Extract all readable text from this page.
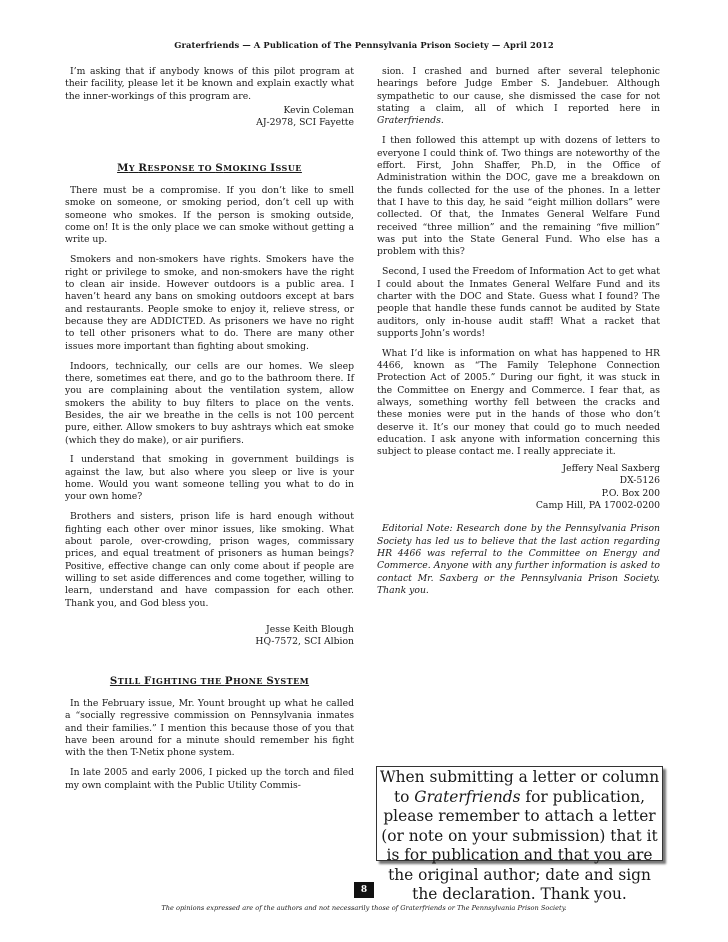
Graterfriends — A Publication of The Pennsylvania Prison Society — April 2012

I’m asking that if anybody knows of this pilot program at their facility, please let it be known and explain exactly what the inner-workings of this program are.

Kevin Coleman

AJ-2978, SCI Fayette

MY RESPONSE TO SMOKING ISSUE

There must be a compromise. If you don’t like to smell smoke on someone, or smoking period, don’t cell up with someone who smokes. If the person is smoking outside, come on! It is the only place we can smoke without getting a write up.

Smokers and non-smokers have rights. Smokers have the right or privilege to smoke, and non-smokers have the right to clean air inside. However outdoors is a public area. I haven’t heard any bans on smoking outdoors except at bars and restaurants. People smoke to enjoy it, relieve stress, or because they are ADDICTED. As prisoners we have no right to tell other prisoners what to do. There are many other issues more important than fighting about smoking.

Indoors, technically, our cells are our homes. We sleep there, sometimes eat there, and go to the bathroom there. If you are complaining about the ventilation system, allow smokers the ability to buy filters to place on the vents. Besides, the air we breathe in the cells is not 100 percent pure, either. Allow smokers to buy ashtrays which eat smoke (which they do make), or air purifiers.

I understand that smoking in government buildings is against the law, but also where you sleep or live is your home. Would you want someone telling you what to do in your own home?

Brothers and sisters, prison life is hard enough without fighting each other over minor issues, like smoking. What about parole, over-crowding, prison wages, commissary prices, and equal treatment of prisoners as human beings? Positive, effective change can only come about if people are willing to set aside differences and come together, willing to learn, understand and have compassion for each other. Thank you, and God bless you.

Jesse Keith Blough

HQ-7572, SCI Albion

STILL FIGHTING THE PHONE SYSTEM

In the February issue, Mr. Yount brought up what he called a “socially regressive commission on Pennsylvania inmates and their families.” I mention this because those of you that have been around for a minute should remember his fight with the then T-Netix phone system.

In late 2005 and early 2006, I picked up the torch and filed my own complaint with the Public Utility Commis-

sion. I crashed and burned after several telephonic hearings before Judge Ember S. Jandebuer. Although sympathetic to our cause, she dismissed the case for not stating a claim, all of which I reported here in Graterfriends.

I then followed this attempt up with dozens of letters to everyone I could think of. Two things are noteworthy of the effort. First, John Shaffer, Ph.D, in the Office of Administration within the DOC, gave me a breakdown on the funds collected for the use of the phones. In a letter that I have to this day, he said “eight million dollars” were collected. Of that, the Inmates General Welfare Fund received “three million” and the remaining “five million” was put into the State General Fund. Who else has a problem with this?

Second, I used the Freedom of Information Act to get what I could about the Inmates General Welfare Fund and its charter with the DOC and State. Guess what I found? The people that handle these funds cannot be audited by State auditors, only in-house audit staff! What a racket that supports John’s words!

What I’d like is information on what has happened to HR 4466, known as “The Family Telephone Connection Protection Act of 2005.” During our fight, it was stuck in the Committee on Energy and Commerce. I fear that, as always, something worthy fell between the cracks and these monies were put in the hands of those who don’t deserve it. It’s our money that could go to much needed education. I ask anyone with information concerning this subject to please contact me. I really appreciate it.

Jeffery Neal Saxberg

DX-5126

P.O. Box 200

Camp Hill, PA 17002-0200

Editorial Note: Research done by the Pennsylvania Prison Society has led us to believe that the last action regarding HR 4466 was referral to the Committee on Energy and Commerce. Anyone with any further information is asked to contact Mr. Saxberg or the Pennsylvania Prison Society. Thank you.

When submitting a letter or column to Graterfriends for publication, please remember to attach a letter (or note on your submission) that it is for publication and that you are the original author; date and sign the declaration. Thank you.
8
The opinions expressed are of the authors and not necessarily those of Graterfriends or The Pennsylvania Prison Society.
